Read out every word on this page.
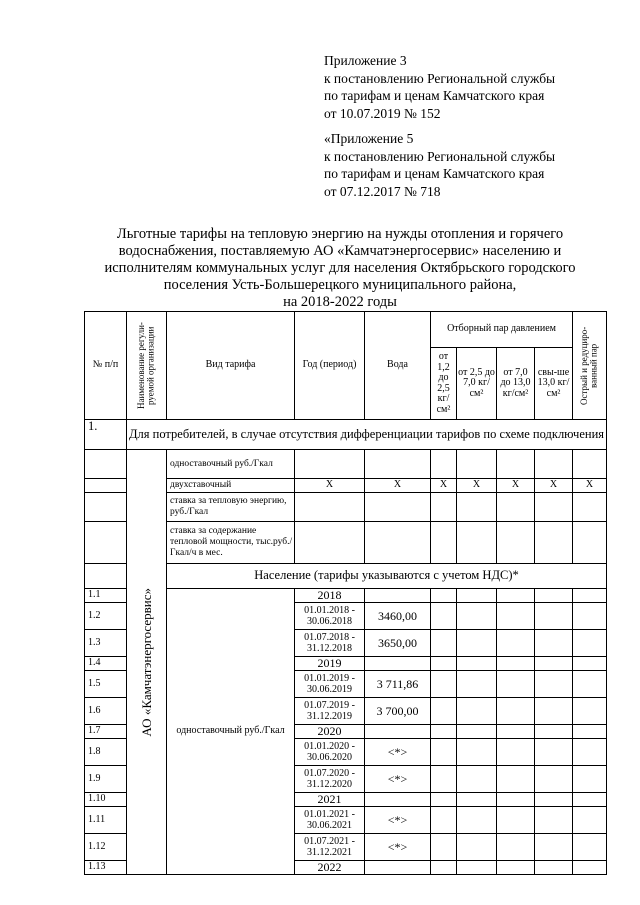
Приложение 3
к постановлению Региональной службы
по тарифам и ценам Камчатского края
от 10.07.2019 № 152
«Приложение 5
к постановлению Региональной службы
по тарифам и ценам Камчатского края
от 07.12.2017 № 718
Льготные тарифы на тепловую энергию на нужды отопления и горячего
водоснабжения, поставляемую АО «Камчатэнергосервис» населению и
исполнителям коммунальных услуг для населения Октябрьского городского
поселения Усть-Большерецкого муниципального района,
на 2018-2022 годы
№ п/п	Наименование регули-руемой организации	Вид тарифа	Год (период)	Вода	Отборный пар давлением				Острый и редуциро-ванный пар

					от 1,2 до 2,5 кг/см²	от 2,5 до 7,0 кг/см²	от 7,0 до 13,0 кг/см²	свы-ше 13,0 кг/см²	
1.	Для потребителей, в случае отсутствия дифференциации тарифов по схеме подключения								

	АО «Камчатэнергосервис»	одноставочный руб./Гкал							
		двухставочный	X	X	X	X	X	X	X
		ставка за тепловую энергию, руб./Гкал							
		ставка за содержание тепловой мощности, тыс.руб./Гкал/ч в мес.							
		Население (тарифы указываются с учетом НДС)*							
1.1		одноставочный руб./Гкал	2018						
1.2			01.01.2018 - 30.06.2018	3460,00					
1.3			01.07.2018 - 31.12.2018	3650,00					
1.4			2019						
1.5			01.01.2019 - 30.06.2019	3 711,86					
1.6			01.07.2019 - 31.12.2019	3 700,00					
1.7			2020						
1.8			01.01.2020 - 30.06.2020	<*>					
1.9			01.07.2020 - 31.12.2020	<*>					
1.10			2021						
1.11			01.01.2021 - 30.06.2021	<*>					
1.12			01.07.2021 - 31.12.2021	<*>					
1.13			2022						
